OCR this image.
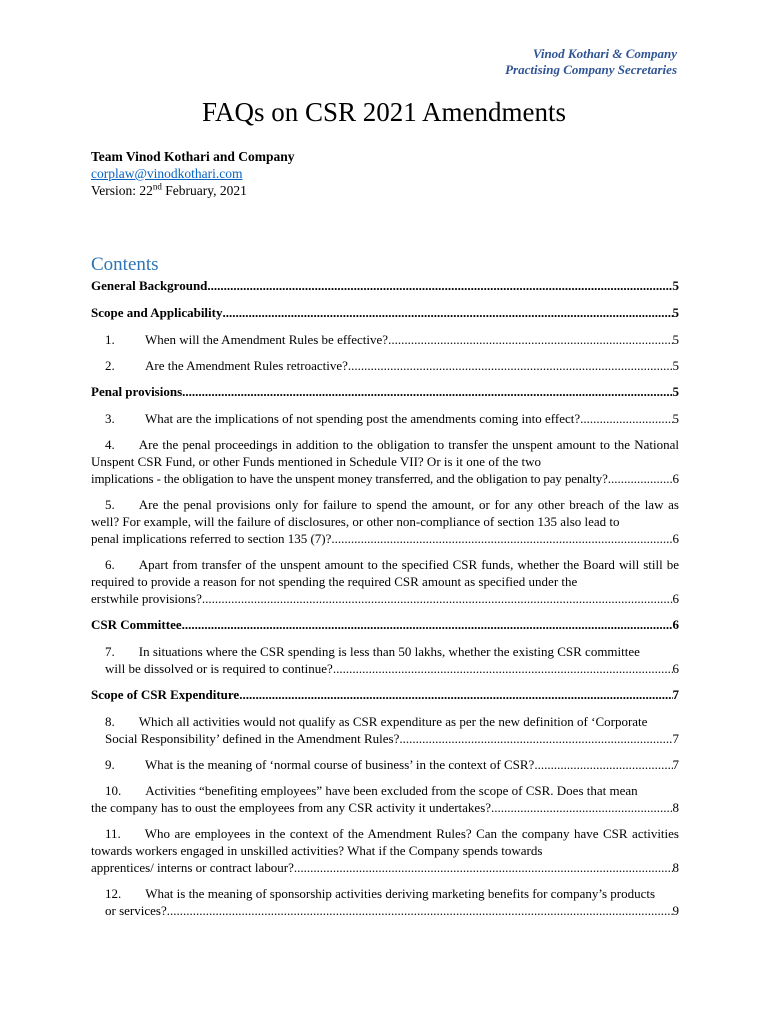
Vinod Kothari & Company
Practising Company Secretaries
FAQs on CSR 2021 Amendments
Team Vinod Kothari and Company
corplaw@vinodkothari.com
Version: 22nd February, 2021
Contents
General Background .....	5
Scope and Applicability .....	5
1. When will the Amendment Rules be effective? .....	5
2. Are the Amendment Rules retroactive? .....	5
Penal provisions .....	5
3. What are the implications of not spending post the amendments coming into effect? .....	5

4. Are the penal proceedings in addition to the obligation to transfer the unspent amount to the National Unspent CSR Fund, or other Funds mentioned in Schedule VII? Or is it one of the two

implications - the obligation to have the unspent money transferred, and the obligation to pay penalty? .....	6

5. Are the penal provisions only for failure to spend the amount, or for any other breach of the law as well? For example, will the failure of disclosures, or other non-compliance of section 135 also lead to

penal implications referred to section 135 (7)? .....	6

6. Apart from transfer of the unspent amount to the specified CSR funds, whether the Board will still be required to provide a reason for not spending the required CSR amount as specified under the

erstwhile provisions? .....	6
CSR Committee .....	6

7. In situations where the CSR spending is less than 50 lakhs, whether the existing CSR committee

will be dissolved or is required to continue? .....	6
Scope of CSR Expenditure .....	7

8. Which all activities would not qualify as CSR expenditure as per the new definition of ‘Corporate

Social Responsibility’ defined in the Amendment Rules? .....	7
9. What is the meaning of ‘normal course of business’ in the context of CSR? .....	7

10. Activities “benefiting employees” have been excluded from the scope of CSR. Does that mean

the company has to oust the employees from any CSR activity it undertakes? .....	8

11. Who are employees in the context of the Amendment Rules? Can the company have CSR activities towards workers engaged in unskilled activities? What if the Company spends towards

apprentices/ interns or contract labour? .....	8

12. What is the meaning of sponsorship activities deriving marketing benefits for company’s products

or services? .....	9
